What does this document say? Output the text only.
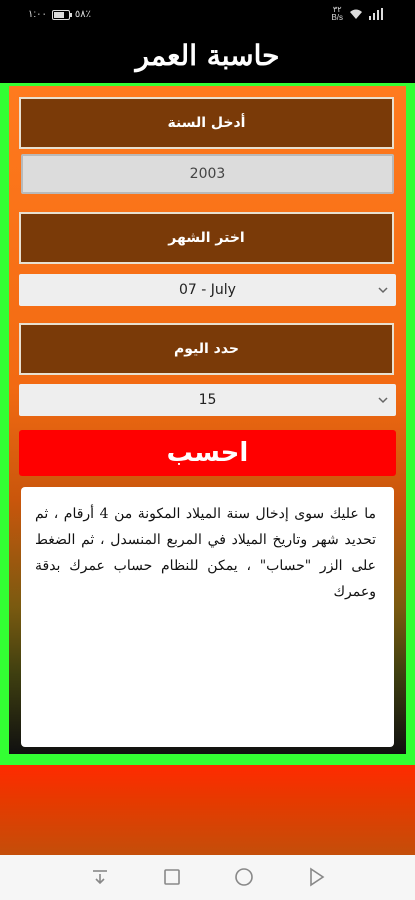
١:٠٠	٥٨٪	٣٢
B/s
حاسبة العمر
أدخل السنة
2003
اختر الشهر
07 - July
حدد اليوم
15
احسب
ما عليك سوى إدخال سنة الميلاد المكونة من 4 أرقام ، ثم تحديد شهر وتاريخ الميلاد في المربع المنسدل ، ثم الضغط على الزر "حساب" ، يمكن للنظام حساب عمرك بدقة وعمرك
